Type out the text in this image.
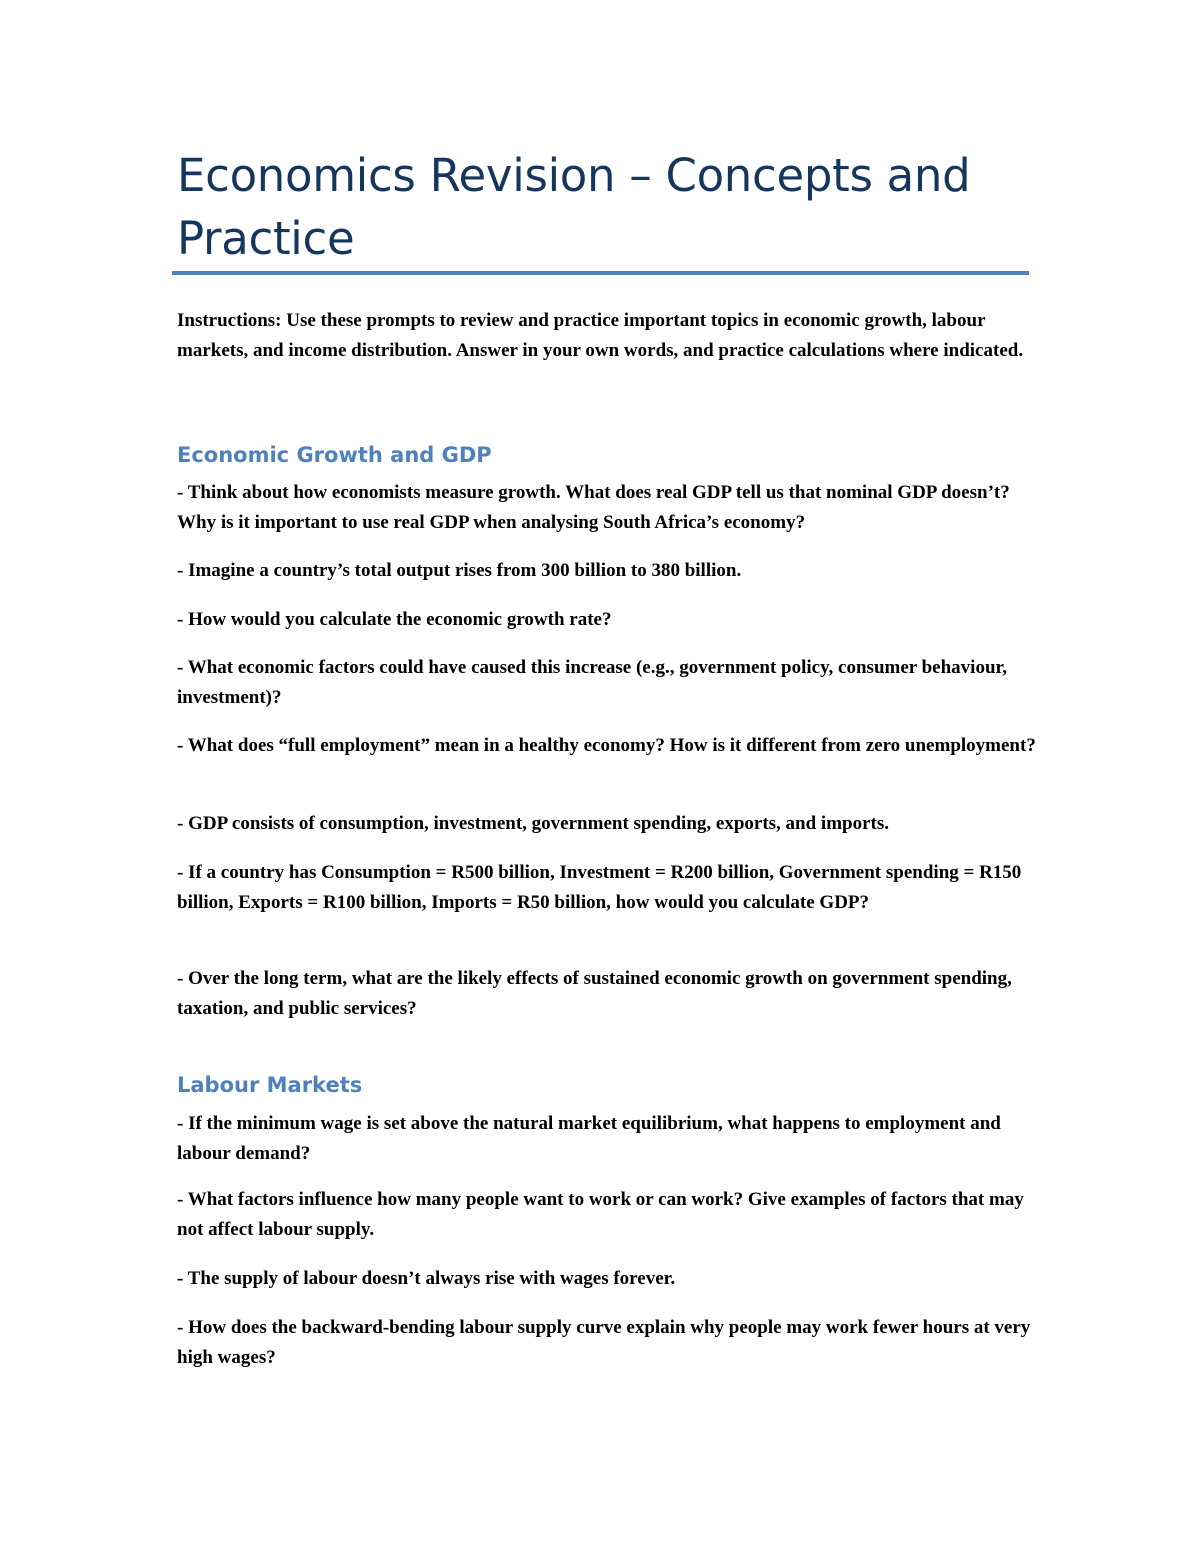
Economics Revision – Concepts and Practice

Instructions: Use these prompts to review and practice important topics in economic growth, labour markets, and income distribution. Answer in your own words, and practice calculations where indicated.

Economic Growth and GDP

- Think about how economists measure growth. What does real GDP tell us that nominal GDP doesn’t? Why is it important to use real GDP when analysing South Africa’s economy?

- Imagine a country’s total output rises from 300 billion to 380 billion.

- How would you calculate the economic growth rate?

- What economic factors could have caused this increase (e.g., government policy, consumer behaviour, investment)?

- What does “full employment” mean in a healthy economy? How is it different from zero unemployment?

- GDP consists of consumption, investment, government spending, exports, and imports.

- If a country has Consumption = R500 billion, Investment = R200 billion, Government spending = R150 billion, Exports = R100 billion, Imports = R50 billion, how would you calculate GDP?

- Over the long term, what are the likely effects of sustained economic growth on government spending, taxation, and public services?

Labour Markets

- If the minimum wage is set above the natural market equilibrium, what happens to employment and labour demand?

- What factors influence how many people want to work or can work? Give examples of factors that may not affect labour supply.

- The supply of labour doesn’t always rise with wages forever.

- How does the backward-bending labour supply curve explain why people may work fewer hours at very high wages?
